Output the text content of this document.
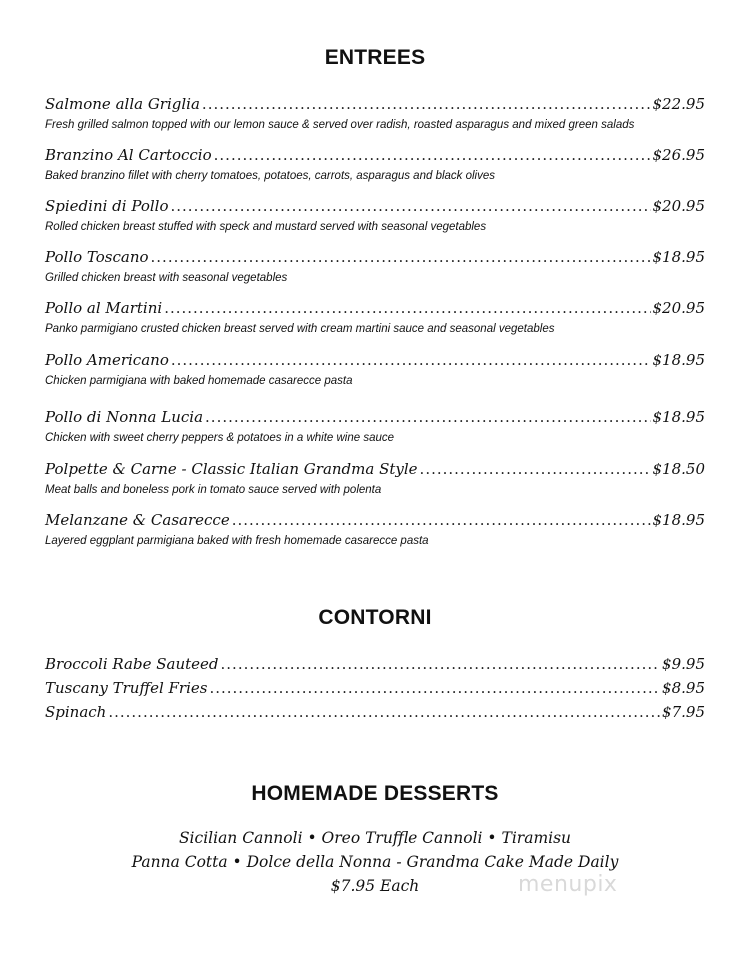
ENTREES
Salmone alla Griglia .....	$22.95
Fresh grilled salmon topped with our lemon sauce & served over radish, roasted asparagus and mixed green salads
Branzino Al Cartoccio .....	$26.95
Baked branzino fillet with cherry tomatoes, potatoes, carrots, asparagus and black olives
Spiedini di Pollo .....	$20.95
Rolled chicken breast stuffed with speck and mustard served with seasonal vegetables
Pollo Toscano .....	$18.95
Grilled chicken breast with seasonal vegetables
Pollo al Martini .....	$20.95
Panko parmigiano crusted chicken breast served with cream martini sauce and seasonal vegetables
Pollo Americano .....	$18.95
Chicken parmigiana with baked homemade casarecce pasta
Pollo di Nonna Lucia .....	$18.95
Chicken with sweet cherry peppers & potatoes in a white wine sauce
Polpette & Carne - Classic Italian Grandma Style .....	$18.50
Meat balls and boneless pork in tomato sauce served with polenta
Melanzane & Casarecce .....	$18.95
Layered eggplant parmigiana baked with fresh homemade casarecce pasta
CONTORNI
Broccoli Rabe Sauteed .....	$9.95
Tuscany Truffel Fries .....	$8.95
Spinach .....	$7.95
HOMEMADE DESSERTS
Sicilian Cannoli • Oreo Truffle Cannoli • Tiramisu
Panna Cotta • Dolce della Nonna - Grandma Cake Made Daily
$7.95 Each	menupix
